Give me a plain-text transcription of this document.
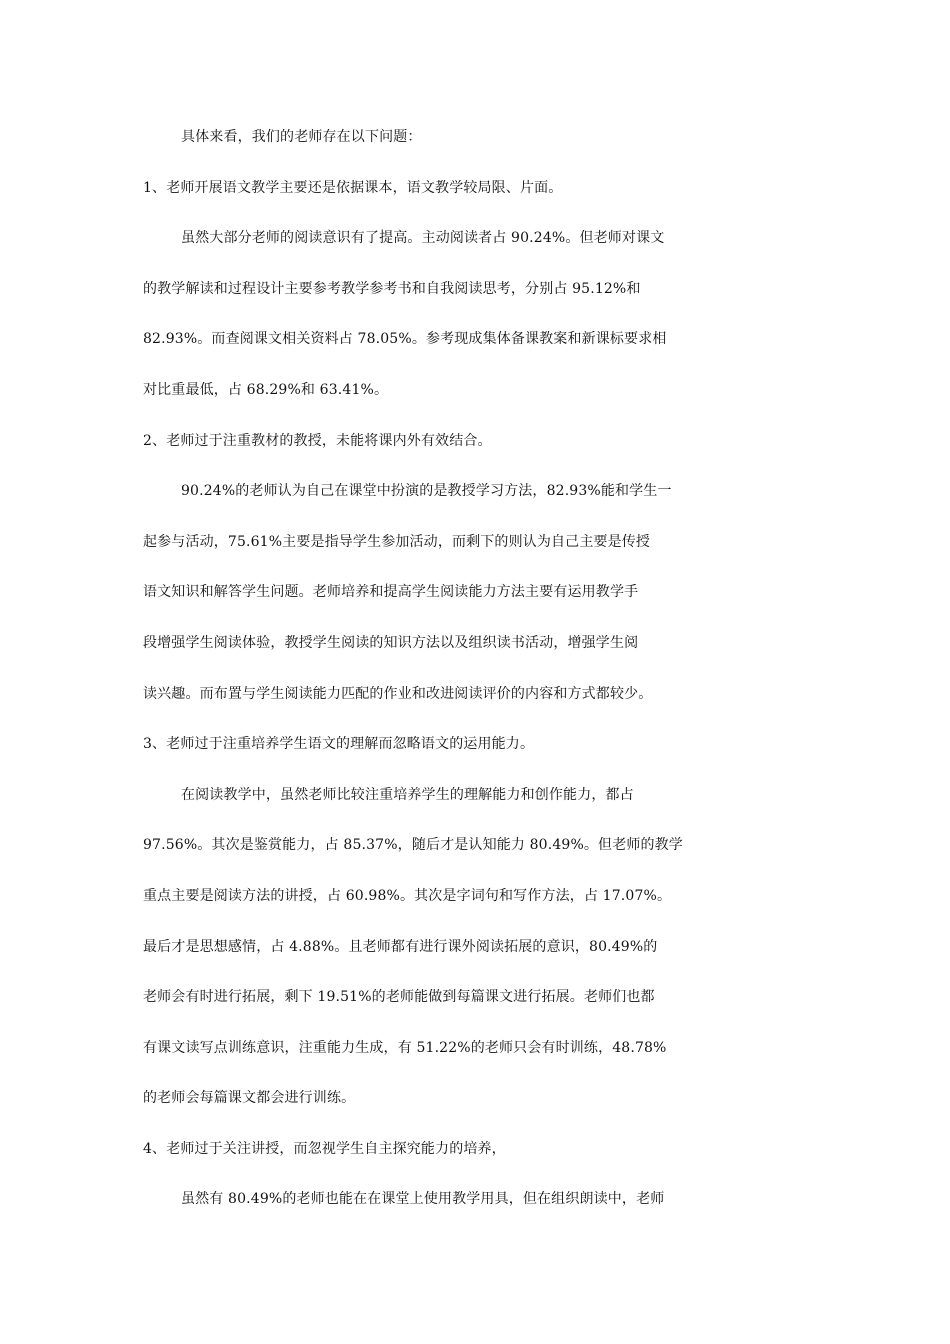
具体来看，我们的老师存在以下问题：
1、老师开展语文教学主要还是依据课本，语文教学较局限、片面。
虽然大部分老师的阅读意识有了提高。主动阅读者占 90.24%。但老师对课文
的教学解读和过程设计主要参考教学参考书和自我阅读思考，分别占 95.12%和
82.93%。而查阅课文相关资料占 78.05%。参考现成集体备课教案和新课标要求相
对比重最低，占 68.29%和 63.41%。
2、老师过于注重教材的教授，未能将课内外有效结合。
90.24%的老师认为自己在课堂中扮演的是教授学习方法，82.93%能和学生一
起参与活动，75.61%主要是指导学生参加活动，而剩下的则认为自己主要是传授
语文知识和解答学生问题。老师培养和提高学生阅读能力方法主要有运用教学手
段增强学生阅读体验，教授学生阅读的知识方法以及组织读书活动，增强学生阅
读兴趣。而布置与学生阅读能力匹配的作业和改进阅读评价的内容和方式都较少。
3、老师过于注重培养学生语文的理解而忽略语文的运用能力。
在阅读教学中，虽然老师比较注重培养学生的理解能力和创作能力，都占
97.56%。其次是鉴赏能力，占 85.37%，随后才是认知能力 80.49%。但老师的教学
重点主要是阅读方法的讲授，占 60.98%。其次是字词句和写作方法，占 17.07%。
最后才是思想感情，占 4.88%。且老师都有进行课外阅读拓展的意识，80.49%的
老师会有时进行拓展，剩下 19.51%的老师能做到每篇课文进行拓展。老师们也都
有课文读写点训练意识，注重能力生成，有 51.22%的老师只会有时训练，48.78%
的老师会每篇课文都会进行训练。
4、老师过于关注讲授，而忽视学生自主探究能力的培养，
虽然有 80.49%的老师也能在在课堂上使用教学用具，但在组织朗读中，老师
